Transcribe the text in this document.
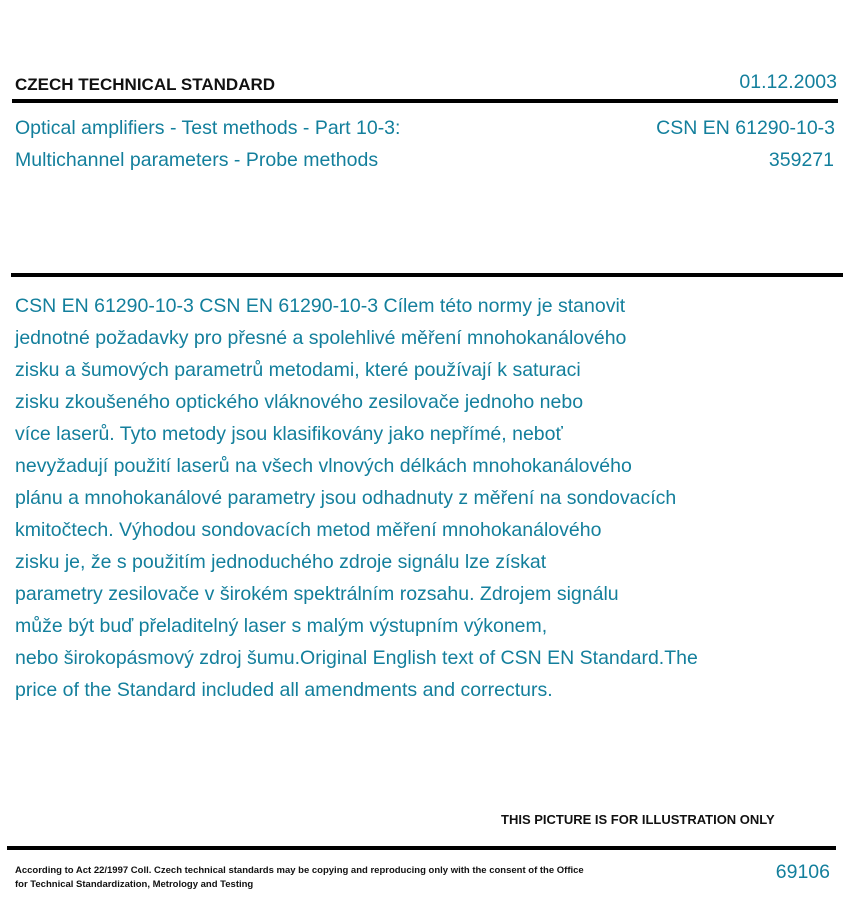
CZECH TECHNICAL STANDARD	01.12.2003
Optical amplifiers - Test methods - Part 10-3:
Multichannel parameters - Probe methods
CSN EN 61290-10-3
359271
CSN EN 61290-10-3 CSN EN 61290-10-3 Cílem této normy je stanovit
jednotné požadavky pro přesné a spolehlivé měření mnohokanálového
zisku a šumových parametrů metodami, které používají k saturaci
zisku zkoušeného optického vláknového zesilovače jednoho nebo
více laserů. Tyto metody jsou klasifikovány jako nepřímé, neboť
nevyžadují použití laserů na všech vlnových délkách mnohokanálového
plánu a mnohokanálové parametry jsou odhadnuty z měření na sondovacích
kmitočtech. Výhodou sondovacích metod měření mnohokanálového
zisku je, že s použitím jednoduchého zdroje signálu lze získat
parametry zesilovače v širokém spektrálním rozsahu. Zdrojem signálu
může být buď přeladitelný laser s malým výstupním výkonem,
nebo širokopásmový zdroj šumu.Original English text of CSN EN Standard.The
price of the Standard included all amendments and correcturs.
THIS PICTURE IS FOR ILLUSTRATION ONLY
According to Act 22/1997 Coll. Czech technical standards may be copying and reproducing only with the consent of the Office
for Technical Standardization, Metrology and Testing
69106
